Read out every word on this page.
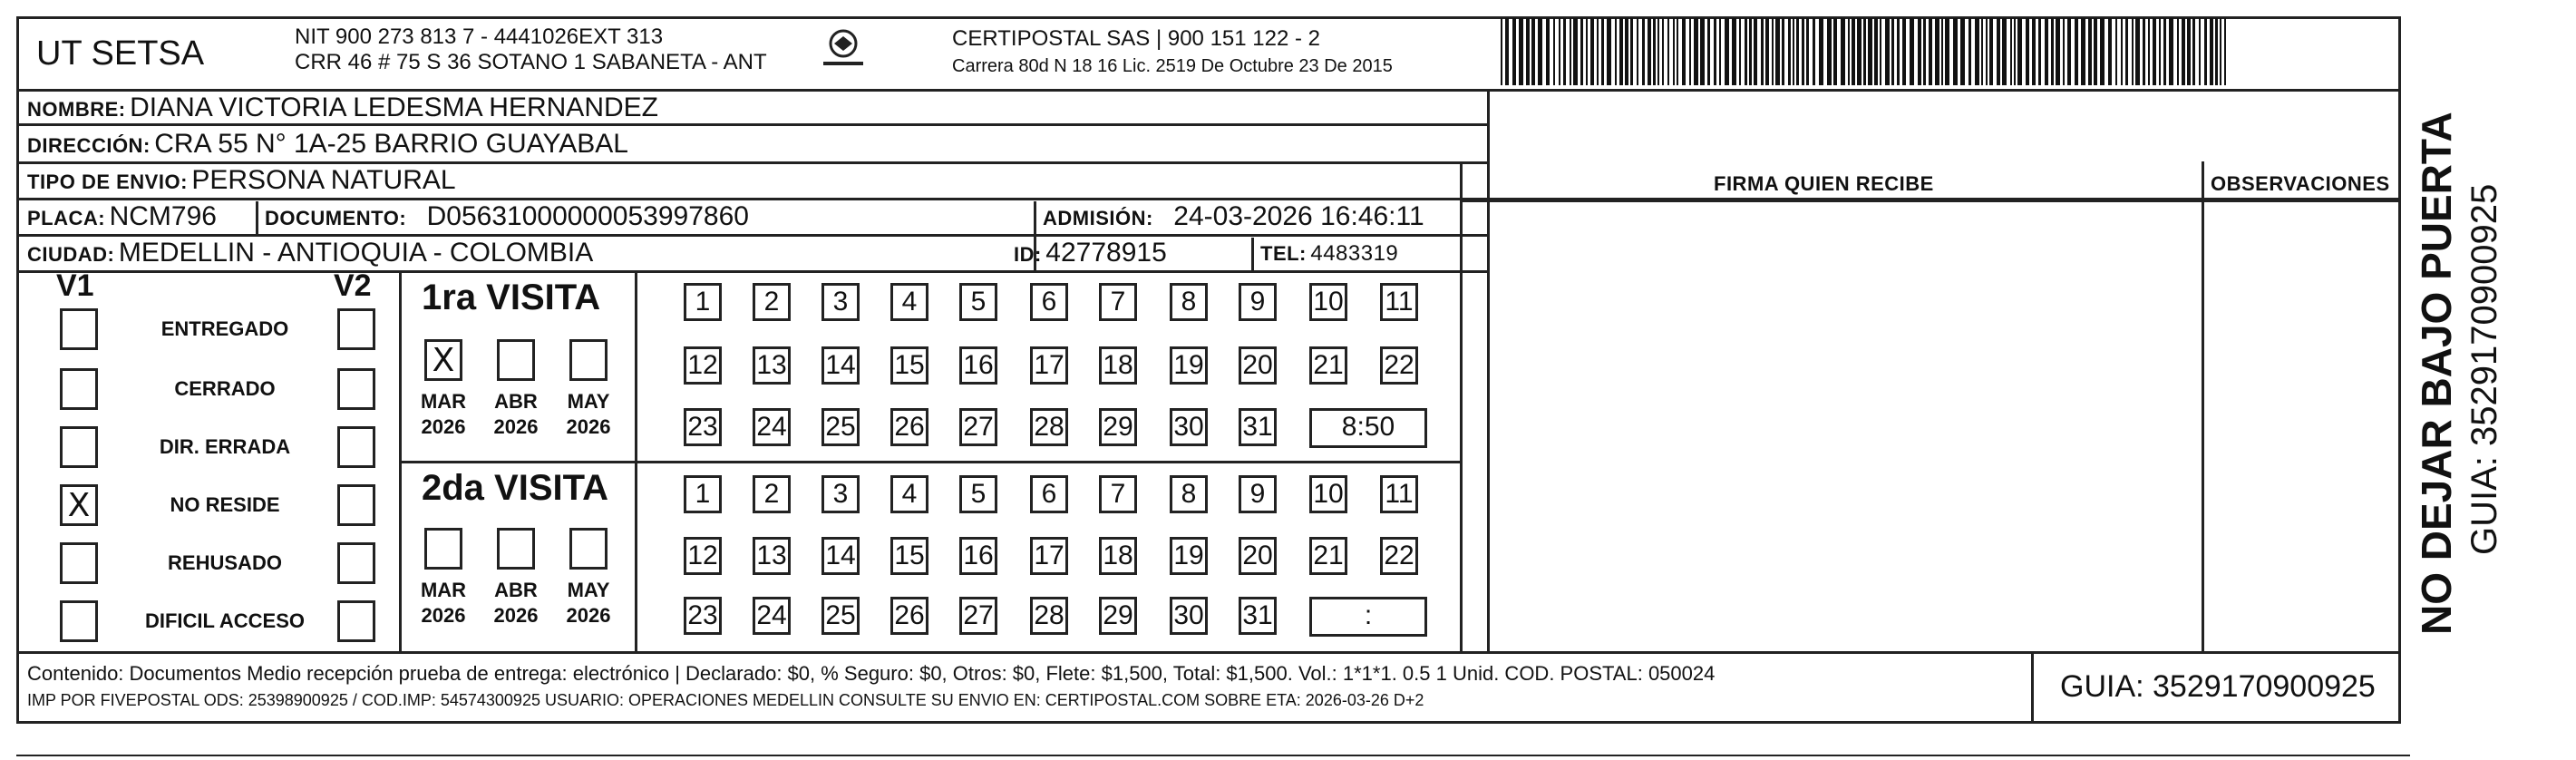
UT SETSA	NIT 900 273 813 7 - 4441026EXT 313
CRR 46 # 75 S 36 SOTANO 1 SABANETA - ANT
CERTIPOSTAL SAS | 900 151 122 - 2
Carrera 80d N 18 16 Lic. 2519 De Octubre 23 De 2015
NOMBRE: DIANA VICTORIA LEDESMA HERNANDEZ
DIRECCIÓN: CRA 55 N° 1A-25 BARRIO GUAYABAL
TIPO DE ENVIO: PERSONA NATURAL
PLACA: NCM796 DOCUMENTO: D05631000000053997860	ADMISIÓN: 24-03-2026 16:46:11
CIUDAD: MEDELLIN - ANTIOQUIA - COLOMBIA	ID: 42778915	TEL: 4483319
FIRMA QUIEN RECIBE	OBSERVACIONES
V1	V2
ENTREGADO
CERRADO
DIR. ERRADA
X	NO RESIDE
REHUSADO
DIFICIL ACCESO
1ra VISITA
2da VISITA
X
MAR
2026
ABR
2026
MAY
2026
MAR
2026
ABR
2026
MAY
2026
1	2	3	4	5	6	7	8	9	10 11
12 13 14 15 16 17 18 19 20 21 22
23 24 25 26 27 28 29 30 31	8:50
1	2	3	4	5	6	7	8	9	10 11
12 13 14 15 16 17 18 19 20 21 22
23 24 25 26 27 28 29 30 31	:
Contenido: Documentos Medio recepción prueba de entrega: electrónico | Declarado: $0, % Seguro: $0, Otros: $0, Flete: $1,500, Total: $1,500. Vol.: 1*1*1. 0.5 1 Unid. COD. POSTAL: 050024
IMP POR FIVEPOSTAL ODS: 25398900925 / COD.IMP: 54574300925 USUARIO: OPERACIONES MEDELLIN CONSULTE SU ENVIO EN: CERTIPOSTAL.COM SOBRE ETA: 2026-03-26 D+2	GUIA: 3529170900925
NO DEJAR BAJO PUERTA GUIA: 3529170900925
